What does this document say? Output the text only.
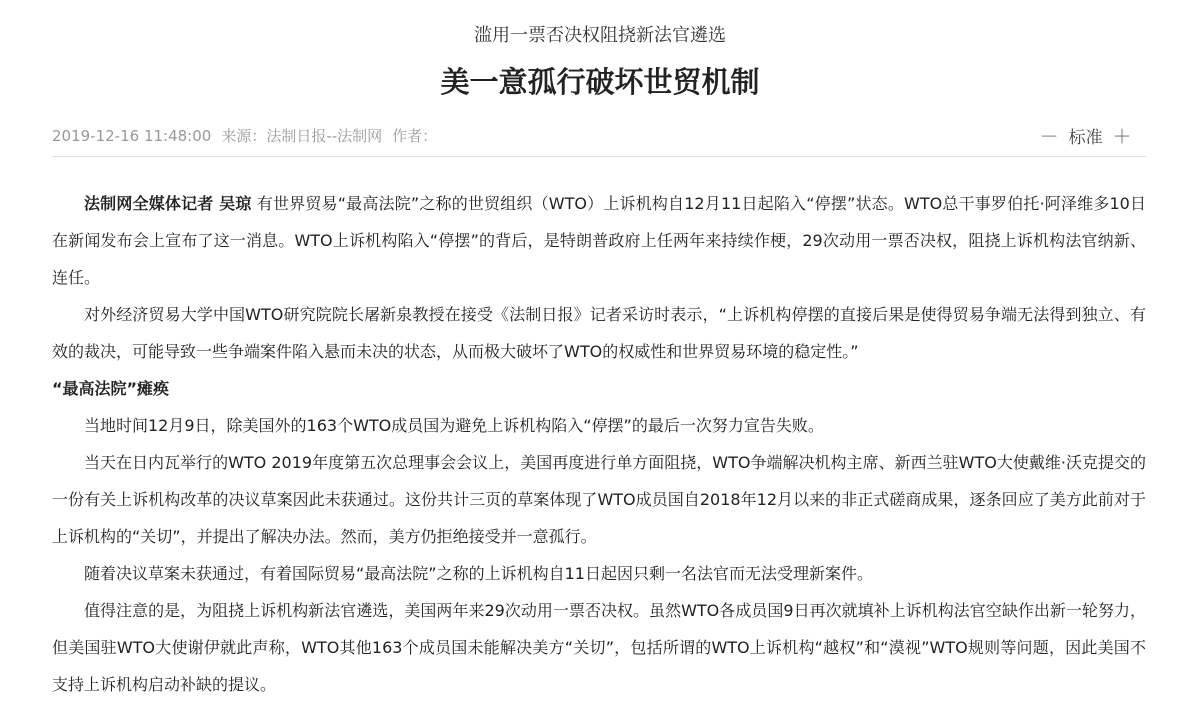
滥用一票否决权阻挠新法官遴选
美一意孤行破坏世贸机制
2019-12-16 11:48:00 来源：法制日报--法制网 作者：	－ 标准 ＋

法制网全媒体记者 吴琼 有世界贸易“最高法院”之称的世贸组织（WTO）上诉机构自12月11日起陷入“停摆”状态。WTO总干事罗伯托·阿泽维多10日在新闻发布会上宣布了这一消息。WTO上诉机构陷入“停摆”的背后，是特朗普政府上任两年来持续作梗，29次动用一票否决权，阻挠上诉机构法官纳新、连任。

对外经济贸易大学中国WTO研究院院长屠新泉教授在接受《法制日报》记者采访时表示，“上诉机构停摆的直接后果是使得贸易争端无法得到独立、有效的裁决，可能导致一些争端案件陷入悬而未决的状态，从而极大破坏了WTO的权威性和世界贸易环境的稳定性。”

“最高法院”瘫痪

当地时间12月9日，除美国外的163个WTO成员国为避免上诉机构陷入“停摆”的最后一次努力宣告失败。

当天在日内瓦举行的WTO 2019年度第五次总理事会会议上，美国再度进行单方面阻挠，WTO争端解决机构主席、新西兰驻WTO大使戴维·沃克提交的一份有关上诉机构改革的决议草案因此未获通过。这份共计三页的草案体现了WTO成员国自2018年12月以来的非正式磋商成果，逐条回应了美方此前对于上诉机构的“关切”，并提出了解决办法。然而，美方仍拒绝接受并一意孤行。

随着决议草案未获通过，有着国际贸易“最高法院”之称的上诉机构自11日起因只剩一名法官而无法受理新案件。

值得注意的是，为阻挠上诉机构新法官遴选，美国两年来29次动用一票否决权。虽然WTO各成员国9日再次就填补上诉机构法官空缺作出新一轮努力，但美国驻WTO大使谢伊就此声称，WTO其他163个成员国未能解决美方“关切”，包括所谓的WTO上诉机构“越权”和“漠视”WTO规则等问题，因此美国不支持上诉机构启动补缺的提议。
